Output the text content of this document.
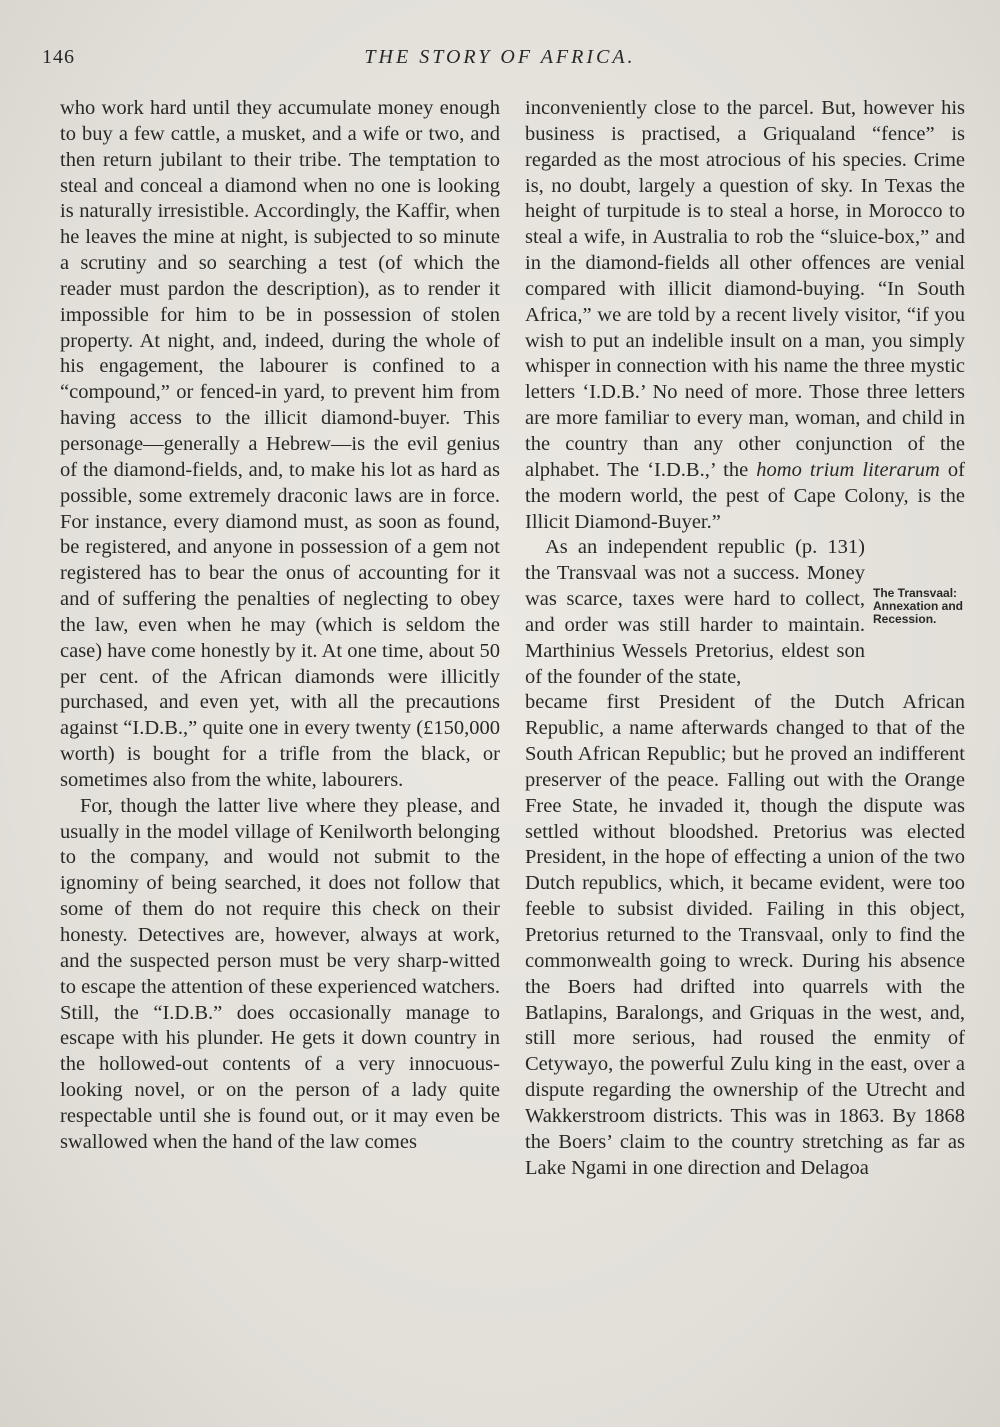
146	THE STORY OF AFRICA.

who work hard until they accumulate money enough to buy a few cattle, a musket, and a wife or two, and then return jubilant to their tribe. The temptation to steal and conceal a diamond when no one is looking is naturally irresistible. Accordingly, the Kaffir, when he leaves the mine at night, is subjected to so minute a scrutiny and so searching a test (of which the reader must pardon the description), as to render it impossible for him to be in possession of stolen property. At night, and, indeed, during the whole of his engagement, the labourer is confined to a “compound,” or fenced-in yard, to prevent him from having access to the illicit diamond-buyer. This personage—generally a Hebrew—is the evil genius of the diamond-fields, and, to make his lot as hard as possible, some extremely draconic laws are in force. For instance, every diamond must, as soon as found, be registered, and anyone in possession of a gem not registered has to bear the onus of accounting for it and of suffering the penalties of neglecting to obey the law, even when he may (which is seldom the case) have come honestly by it. At one time, about 50 per cent. of the African diamonds were illicitly purchased, and even yet, with all the precautions against “I.D.B.,” quite one in every twenty (£150,000 worth) is bought for a trifle from the black, or sometimes also from the white, labourers.

For, though the latter live where they please, and usually in the model village of Kenilworth belonging to the company, and would not submit to the ignominy of being searched, it does not follow that some of them do not require this check on their honesty. Detectives are, however, always at work, and the suspected person must be very sharp-witted to escape the attention of these experienced watchers. Still, the “I.D.B.” does occasionally manage to escape with his plunder. He gets it down country in the hollowed-out contents of a very innocuous-looking novel, or on the person of a lady quite respectable until she is found out, or it may even be swallowed when the hand of the law comes

inconveniently close to the parcel. But, however his business is practised, a Griqualand “fence” is regarded as the most atrocious of his species. Crime is, no doubt, largely a question of sky. In Texas the height of turpitude is to steal a horse, in Morocco to steal a wife, in Australia to rob the “sluice-box,” and in the diamond-fields all other offences are venial compared with illicit diamond-buying. “In South Africa,” we are told by a recent lively visitor, “if you wish to put an indelible insult on a man, you simply whisper in connection with his name the three mystic letters ‘I.D.B.’ No need of more. Those three letters are more familiar to every man, woman, and child in the country than any other conjunction of the alphabet. The ‘I.D.B.,’ the homo trium literarum of the modern world, the pest of Cape Colony, is the Illicit Diamond-Buyer.”

As an independent republic (p. 131) the Transvaal was not a success. Money was scarce, taxes were hard to collect, and order was still harder to maintain. Marthinius Wessels Pretorius, eldest son of the founder of the state,

The Transvaal: Annexation and Recession.

became first President of the Dutch African Republic, a name afterwards changed to that of the South African Republic; but he proved an indifferent preserver of the peace. Falling out with the Orange Free State, he invaded it, though the dispute was settled without bloodshed. Pretorius was elected President, in the hope of effecting a union of the two Dutch republics, which, it became evident, were too feeble to subsist divided. Failing in this object, Pretorius returned to the Transvaal, only to find the commonwealth going to wreck. During his absence the Boers had drifted into quarrels with the Batlapins, Baralongs, and Griquas in the west, and, still more serious, had roused the enmity of Cetywayo, the powerful Zulu king in the east, over a dispute regarding the ownership of the Utrecht and Wakkerstroom districts. This was in 1863. By 1868 the Boers’ claim to the country stretching as far as Lake Ngami in one direction and Delagoa
